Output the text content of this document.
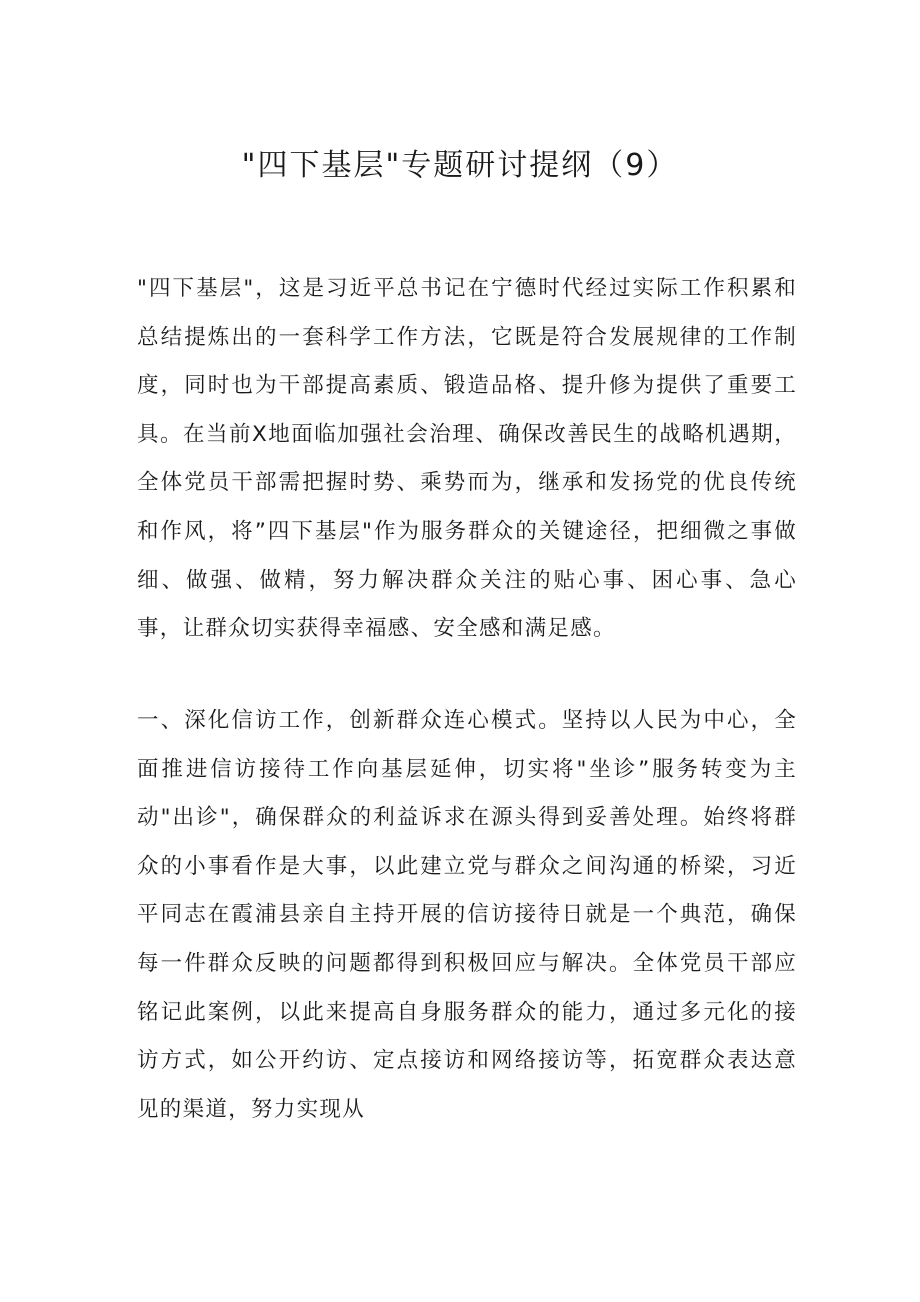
"四下基层"专题研讨提纲（9）

"四下基层"，这是习近平总书记在宁德时代经过实际工作积累和总结提炼出的一套科学工作方法，它既是符合发展规律的工作制度，同时也为干部提高素质、锻造品格、提升修为提供了重要工具。在当前X地面临加强社会治理、确保改善民生的战略机遇期，全体党员干部需把握时势、乘势而为，继承和发扬党的优良传统和作风，将”四下基层"作为服务群众的关键途径，把细微之事做细、做强、做精，努力解决群众关注的贴心事、困心事、急心事，让群众切实获得幸福感、安全感和满足感。

一、深化信访工作，创新群众连心模式。坚持以人民为中心，全面推进信访接待工作向基层延伸，切实将"坐诊”服务转变为主动"出诊"，确保群众的利益诉求在源头得到妥善处理。始终将群众的小事看作是大事，以此建立党与群众之间沟通的桥梁，习近平同志在霞浦县亲自主持开展的信访接待日就是一个典范，确保每一件群众反映的问题都得到积极回应与解决。全体党员干部应铭记此案例，以此来提高自身服务群众的能力，通过多元化的接访方式，如公开约访、定点接访和网络接访等，拓宽群众表达意见的渠道，努力实现从
